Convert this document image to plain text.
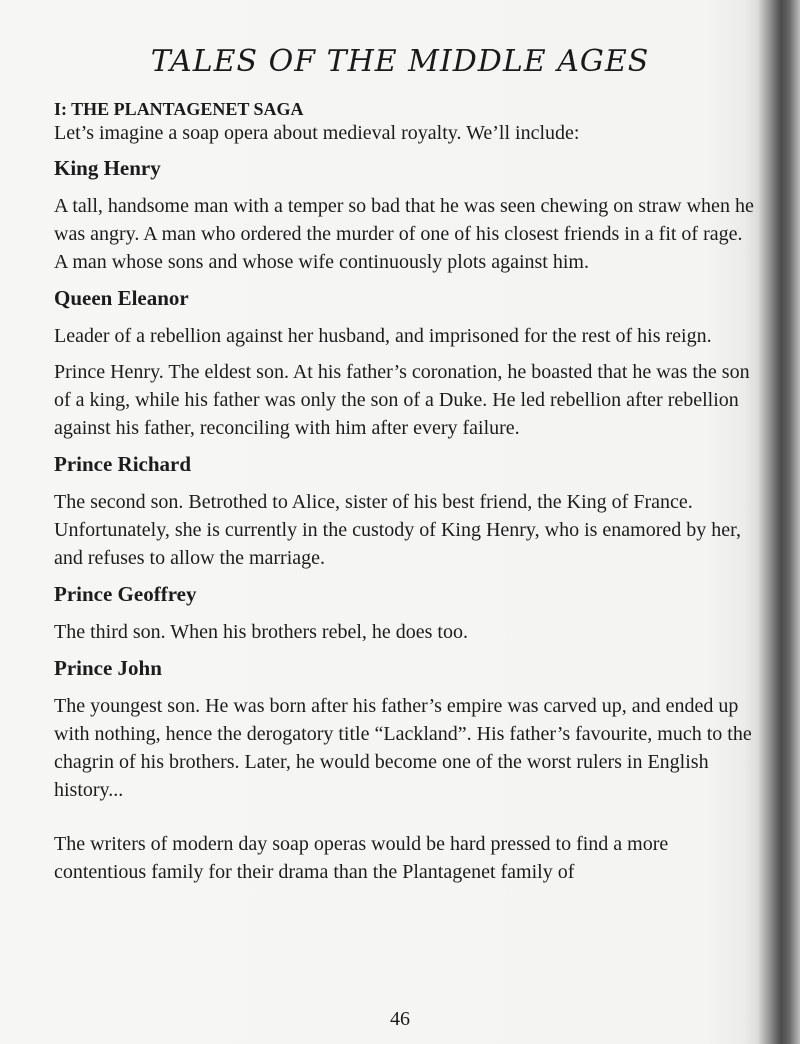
TALES OF THE MIDDLE AGES
I: THE PLANTAGENET SAGA

Let’s imagine a soap opera about medieval royalty. We’ll include:

King Henry

A tall, handsome man with a temper so bad that he was seen chewing on straw when he was angry. A man who ordered the murder of one of his closest friends in a fit of rage. A man whose sons and whose wife continuously plots against him.

Queen Eleanor

Leader of a rebellion against her husband, and imprisoned for the rest of his reign.

Prince Henry. The eldest son. At his father’s coronation, he boasted that he was the son of a king, while his father was only the son of a Duke. He led rebellion after rebellion against his father, reconciling with him after every failure.

Prince Richard

The second son. Betrothed to Alice, sister of his best friend, the King of France. Unfortunately, she is currently in the custody of King Henry, who is enamored by her, and refuses to allow the marriage.

Prince Geoffrey

The third son. When his brothers rebel, he does too.

Prince John

The youngest son. He was born after his father’s empire was carved up, and ended up with nothing, hence the derogatory title “Lackland”. His father’s favourite, much to the chagrin of his brothers. Later, he would become one of the worst rulers in English history...

The writers of modern day soap operas would be hard pressed to find a more contentious family for their drama than the Plantagenet family of

46
